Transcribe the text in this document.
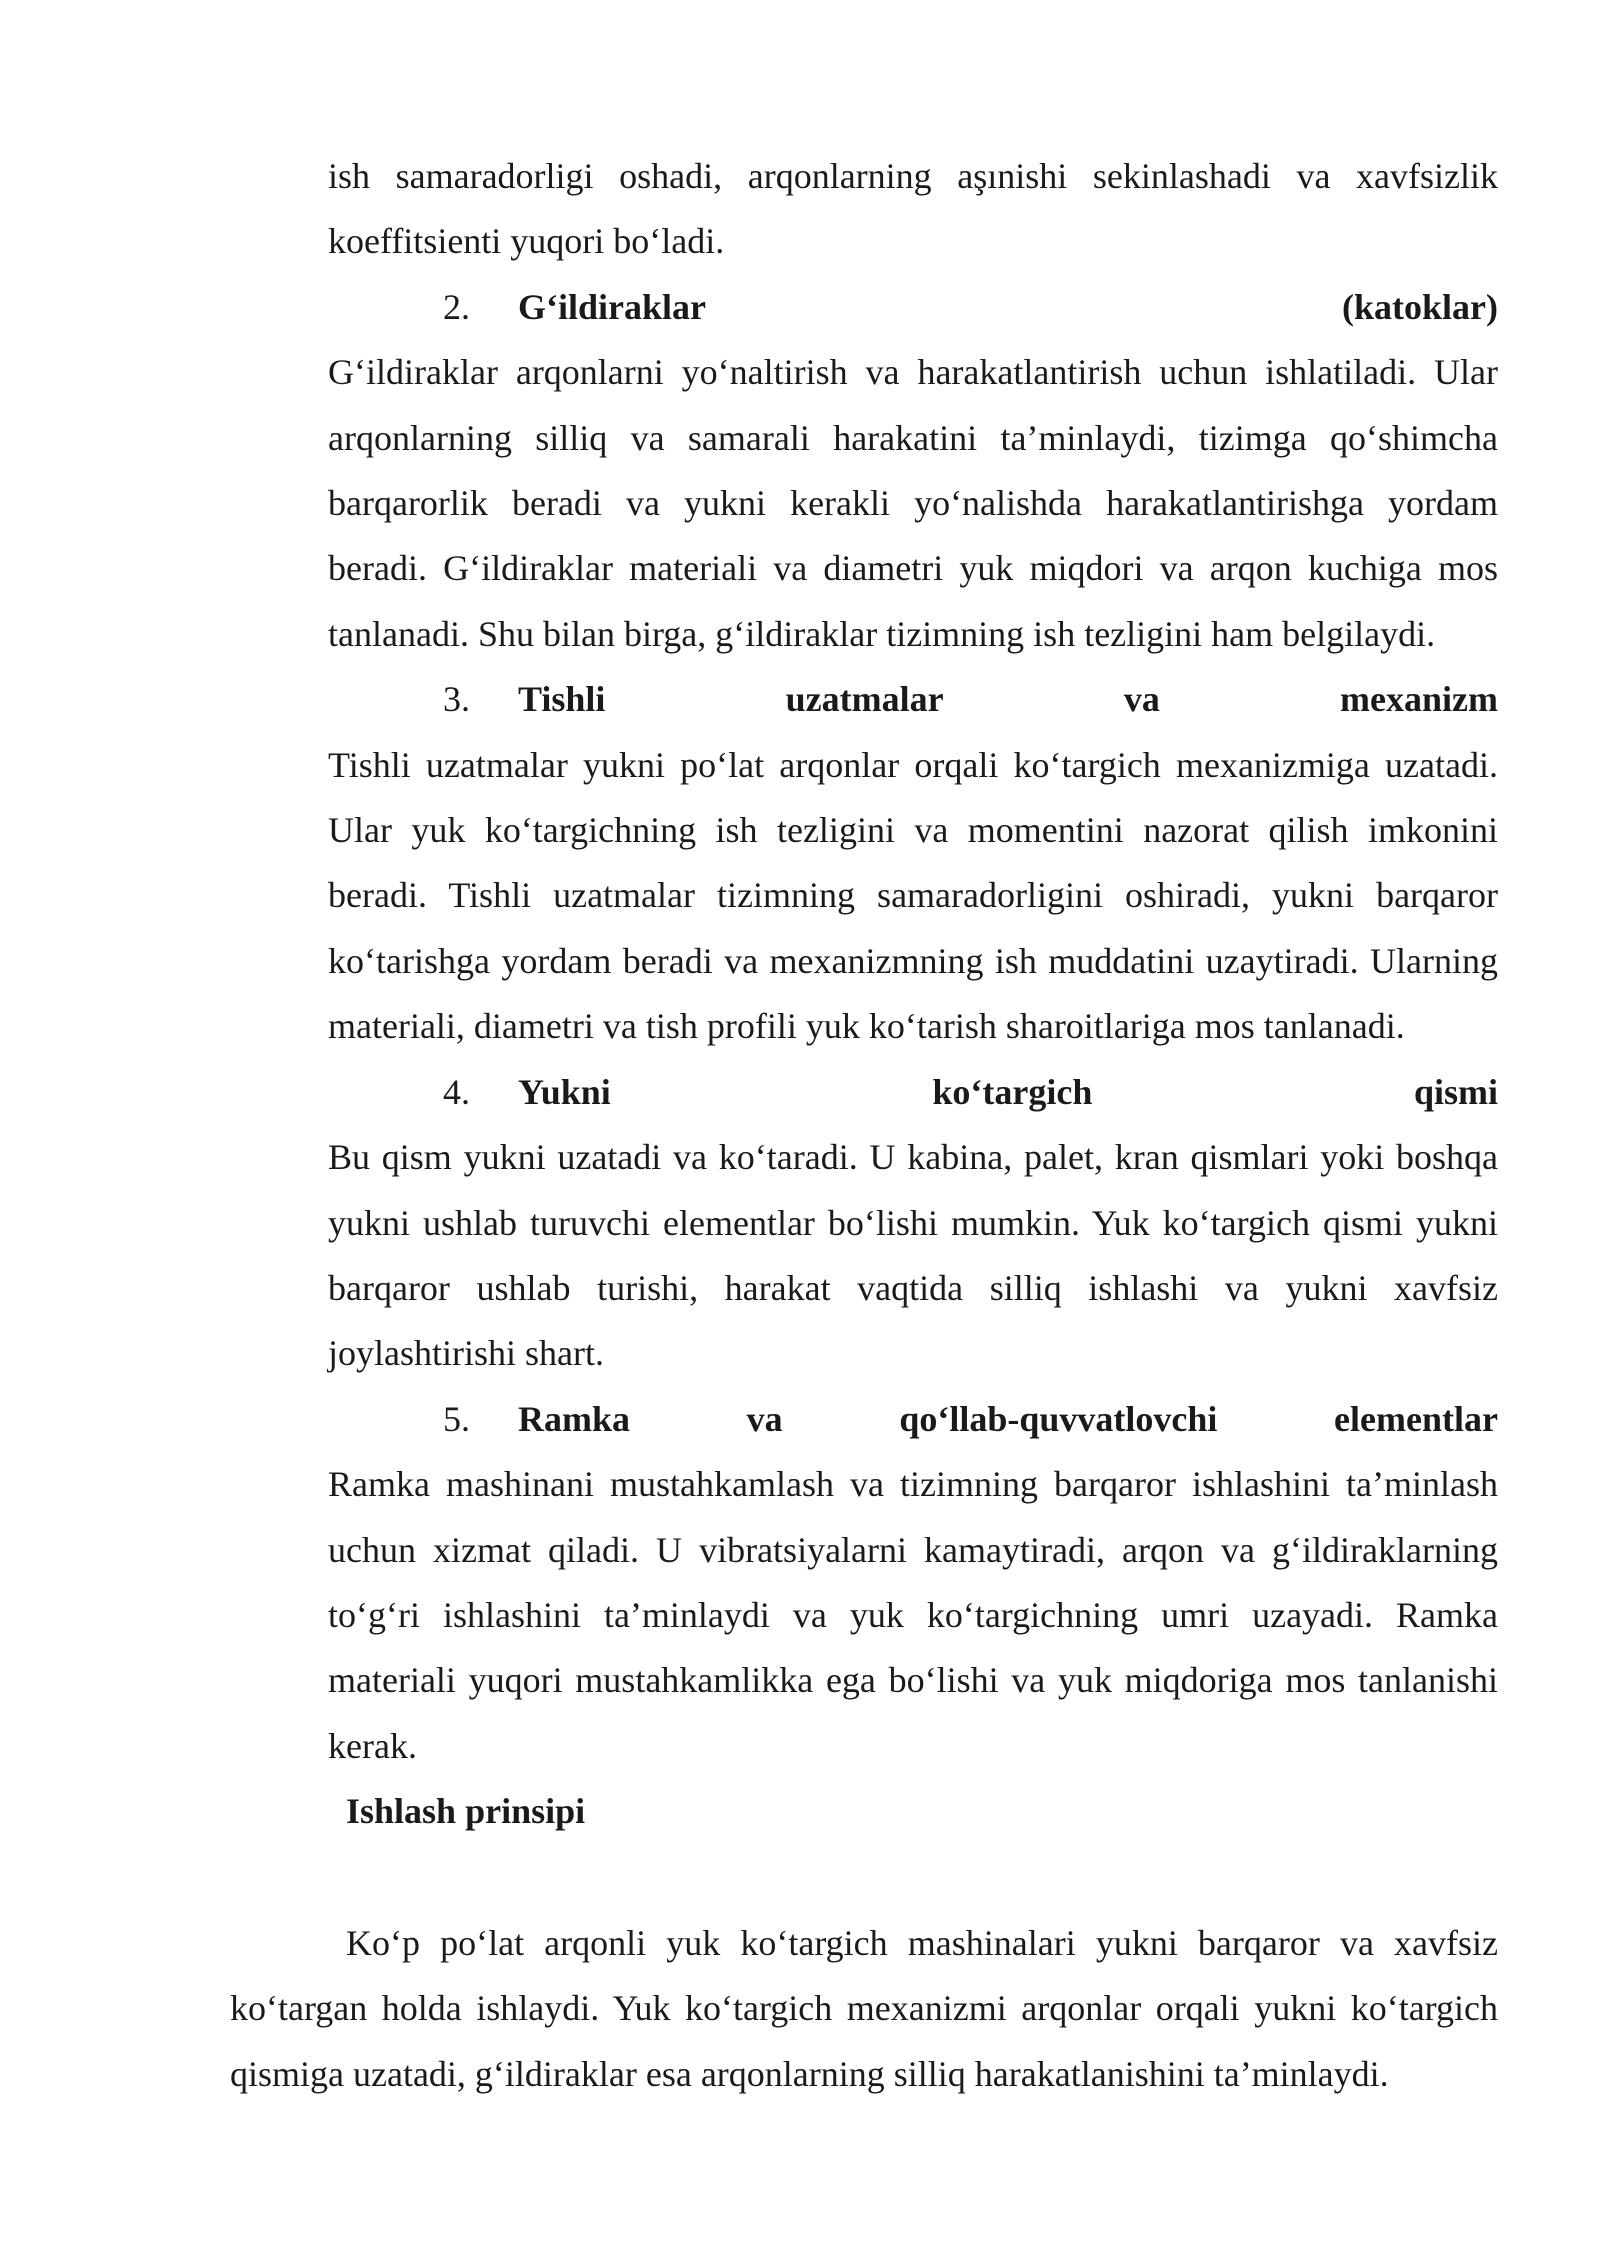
ish samaradorligi oshadi, arqonlarning aşınishi sekinlashadi va xavfsizlik koeffitsienti yuqori bo‘ladi.

2.	G‘ildiraklar	(katoklar)

G‘ildiraklar arqonlarni yo‘naltirish va harakatlantirish uchun ishlatiladi. Ular arqonlarning silliq va samarali harakatini ta’minlaydi, tizimga qo‘shimcha barqarorlik beradi va yukni kerakli yo‘nalishda harakatlantirishga yordam beradi. G‘ildiraklar materiali va diametri yuk miqdori va arqon kuchiga mos tanlanadi. Shu bilan birga, g‘ildiraklar tizimning ish tezligini ham belgilaydi.

3.	Tishli	uzatmalar	va	mexanizm

Tishli uzatmalar yukni po‘lat arqonlar orqali ko‘targich mexanizmiga uzatadi. Ular yuk ko‘targichning ish tezligini va momentini nazorat qilish imkonini beradi. Tishli uzatmalar tizimning samaradorligini oshiradi, yukni barqaror ko‘tarishga yordam beradi va mexanizmning ish muddatini uzaytiradi. Ularning materiali, diametri va tish profili yuk ko‘tarish sharoitlariga mos tanlanadi.

4.	Yukni	ko‘targich	qismi

Bu qism yukni uzatadi va ko‘taradi. U kabina, palet, kran qismlari yoki boshqa yukni ushlab turuvchi elementlar bo‘lishi mumkin. Yuk ko‘targich qismi yukni barqaror ushlab turishi, harakat vaqtida silliq ishlashi va yukni xavfsiz joylashtirishi shart.

5.	Ramka	va	qo‘llab-quvvatlovchi	elementlar

Ramka mashinani mustahkamlash va tizimning barqaror ishlashini ta’minlash uchun xizmat qiladi. U vibratsiyalarni kamaytiradi, arqon va g‘ildiraklarning to‘g‘ri ishlashini ta’minlaydi va yuk ko‘targichning umri uzayadi. Ramka materiali yuqori mustahkamlikka ega bo‘lishi va yuk miqdoriga mos tanlanishi kerak.

Ishlash prinsipi

Ko‘p po‘lat arqonli yuk ko‘targich mashinalari yukni barqaror va xavfsiz ko‘targan holda ishlaydi. Yuk ko‘targich mexanizmi arqonlar orqali yukni ko‘targich qismiga uzatadi, g‘ildiraklar esa arqonlarning silliq harakatlanishini ta’minlaydi.
